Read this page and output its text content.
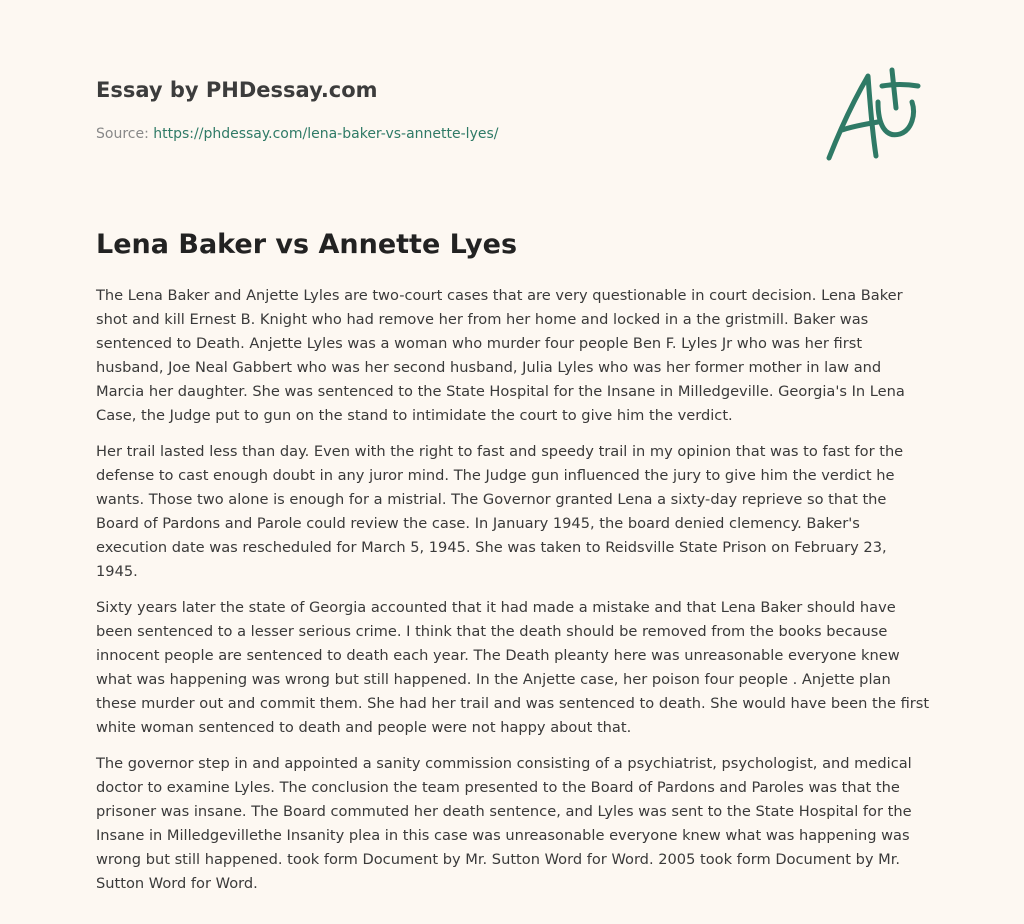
Essay by PHDessay.com
Source: https://phdessay.com/lena-baker-vs-annette-lyes/
Lena Baker vs Annette Lyes

The Lena Baker and Anjette Lyles are two-court cases that are very questionable in court decision. Lena Baker shot and kill Ernest B. Knight who had remove her from her home and locked in a the gristmill. Baker was sentenced to Death. Anjette Lyles was a woman who murder four people Ben F. Lyles Jr who was her first husband, Joe Neal Gabbert who was her second husband, Julia Lyles who was her former mother in law and Marcia her daughter. She was sentenced to the State Hospital for the Insane in Milledgeville. Georgia's In Lena Case, the Judge put to gun on the stand to intimidate the court to give him the verdict.

Her trail lasted less than day. Even with the right to fast and speedy trail in my opinion that was to fast for the defense to cast enough doubt in any juror mind. The Judge gun influenced the jury to give him the verdict he wants. Those two alone is enough for a mistrial. The Governor granted Lena a sixty-day reprieve so that the Board of Pardons and Parole could review the case. In January 1945, the board denied clemency. Baker's execution date was rescheduled for March 5, 1945. She was taken to Reidsville State Prison on February 23, 1945.

Sixty years later the state of Georgia accounted that it had made a mistake and that Lena Baker should have been sentenced to a lesser serious crime. I think that the death should be removed from the books because innocent people are sentenced to death each year. The Death pleanty here was unreasonable everyone knew what was happening was wrong but still happened. In the Anjette case, her poison four people . Anjette plan these murder out and commit them. She had her trail and was sentenced to death. She would have been the first white woman sentenced to death and people were not happy about that.

The governor step in and appointed a sanity commission consisting of a psychiatrist, psychologist, and medical doctor to examine Lyles. The conclusion the team presented to the Board of Pardons and Paroles was that the prisoner was insane. The Board commuted her death sentence, and Lyles was sent to the State Hospital for the Insane in Milledgevillethe Insanity plea in this case was unreasonable everyone knew what was happening was wrong but still happened. took form Document by Mr. Sutton Word for Word. 2005 took form Document by Mr. Sutton Word for Word.
